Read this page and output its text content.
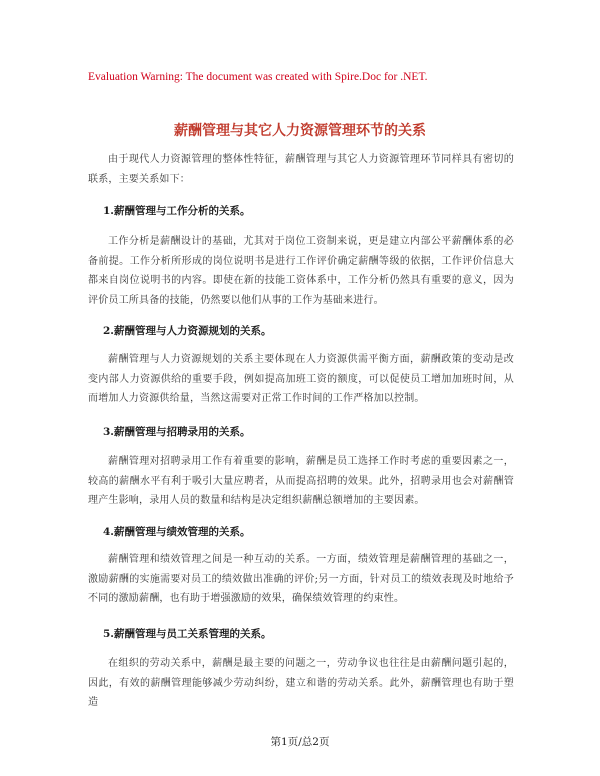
Evaluation Warning: The document was created with Spire.Doc for .NET.
薪酬管理与其它人力资源管理环节的关系
由于现代人力资源管理的整体性特征，薪酬管理与其它人力资源管理环节同样具有密切的联系，主要关系如下：
1.薪酬管理与工作分析的关系。
工作分析是薪酬设计的基础，尤其对于岗位工资制来说，更是建立内部公平薪酬体系的必备前提。工作分析所形成的岗位说明书是进行工作评价确定薪酬等级的依据，工作评价信息大都来自岗位说明书的内容。即使在新的技能工资体系中，工作分析仍然具有重要的意义，因为评价员工所具备的技能，仍然要以他们从事的工作为基础来进行。
2.薪酬管理与人力资源规划的关系。
薪酬管理与人力资源规划的关系主要体现在人力资源供需平衡方面，薪酬政策的变动是改变内部人力资源供给的重要手段，例如提高加班工资的额度，可以促使员工增加加班时间，从而增加人力资源供给量，当然这需要对正常工作时间的工作严格加以控制。
3.薪酬管理与招聘录用的关系。
薪酬管理对招聘录用工作有着重要的影响，薪酬是员工选择工作时考虑的重要因素之一，较高的薪酬水平有利于吸引大量应聘者，从而提高招聘的效果。此外，招聘录用也会对薪酬管理产生影响，录用人员的数量和结构是决定组织薪酬总额增加的主要因素。
4.薪酬管理与绩效管理的关系。
薪酬管理和绩效管理之间是一种互动的关系。一方面，绩效管理是薪酬管理的基础之一，激励薪酬的实施需要对员工的绩效做出准确的评价;另一方面，针对员工的绩效表现及时地给予不同的激励薪酬，也有助于增强激励的效果，确保绩效管理的约束性。
5.薪酬管理与员工关系管理的关系。
在组织的劳动关系中，薪酬是最主要的问题之一，劳动争议也往往是由薪酬问题引起的，因此，有效的薪酬管理能够减少劳动纠纷，建立和谐的劳动关系。此外，薪酬管理也有助于塑造
第1页/总2页
